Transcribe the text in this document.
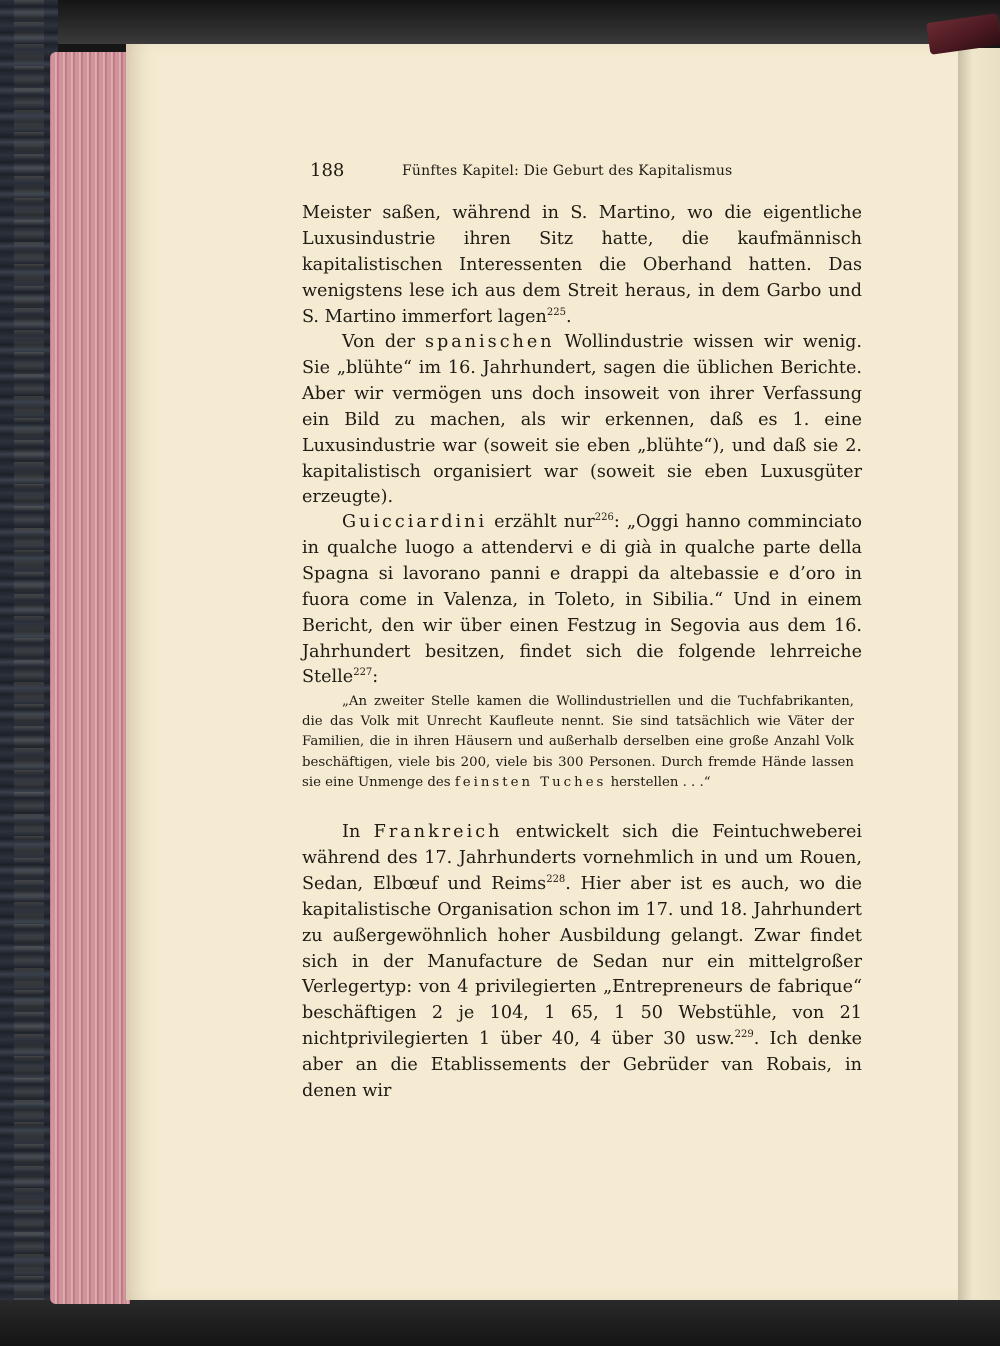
188	Fünftes Kapitel: Die Geburt des Kapitalismus

Meister saßen, während in S. Martino, wo die eigentliche Luxusindustrie ihren Sitz hatte, die kaufmännisch kapitalistischen Interessenten die Oberhand hatten. Das wenigstens lese ich aus dem Streit heraus, in dem Garbo und S. Martino immerfort lagen$^{225}$.

Von der spanischen Wollindustrie wissen wir wenig. Sie „blühte“ im 16. Jahrhundert, sagen die üblichen Berichte. Aber wir vermögen uns doch insoweit von ihrer Verfassung ein Bild zu machen, als wir erkennen, daß es 1. eine Luxusindustrie war (soweit sie eben „blühte“), und daß sie 2. kapitalistisch organisiert war (soweit sie eben Luxusgüter erzeugte).

Guicciardini erzählt nur$^{226}$: „Oggi hanno comminciato in qualche luogo a attendervi e di già in qualche parte della Spagna si lavorano panni e drappi da altebassie e d’oro in fuora come in Valenza, in Toleto, in Sibilia.“ Und in einem Bericht, den wir über einen Festzug in Segovia aus dem 16. Jahrhundert besitzen, findet sich die folgende lehrreiche Stelle$^{227}$:

„An zweiter Stelle kamen die Wollindustriellen und die Tuchfabrikanten, die das Volk mit Unrecht Kaufleute nennt. Sie sind tatsächlich wie Väter der Familien, die in ihren Häusern und außerhalb derselben eine große Anzahl Volk beschäftigen, viele bis 200, viele bis 300 Personen. Durch fremde Hände lassen sie eine Unmenge des feinsten Tuches herstellen . . .“

In Frankreich entwickelt sich die Feintuchweberei während des 17. Jahrhunderts vornehmlich in und um Rouen, Sedan, Elbœuf und Reims$^{228}$. Hier aber ist es auch, wo die kapitalistische Organisation schon im 17. und 18. Jahrhundert zu außergewöhnlich hoher Ausbildung gelangt. Zwar findet sich in der Manufacture de Sedan nur ein mittelgroßer Verlegertyp: von 4 privilegierten „Entrepreneurs de fabrique“ beschäftigen 2 je 104, 1 65, 1 50 Webstühle, von 21 nichtprivilegierten 1 über 40, 4 über 30 usw.$^{229}$. Ich denke aber an die Etablissements der Gebrüder van Robais, in denen wir
